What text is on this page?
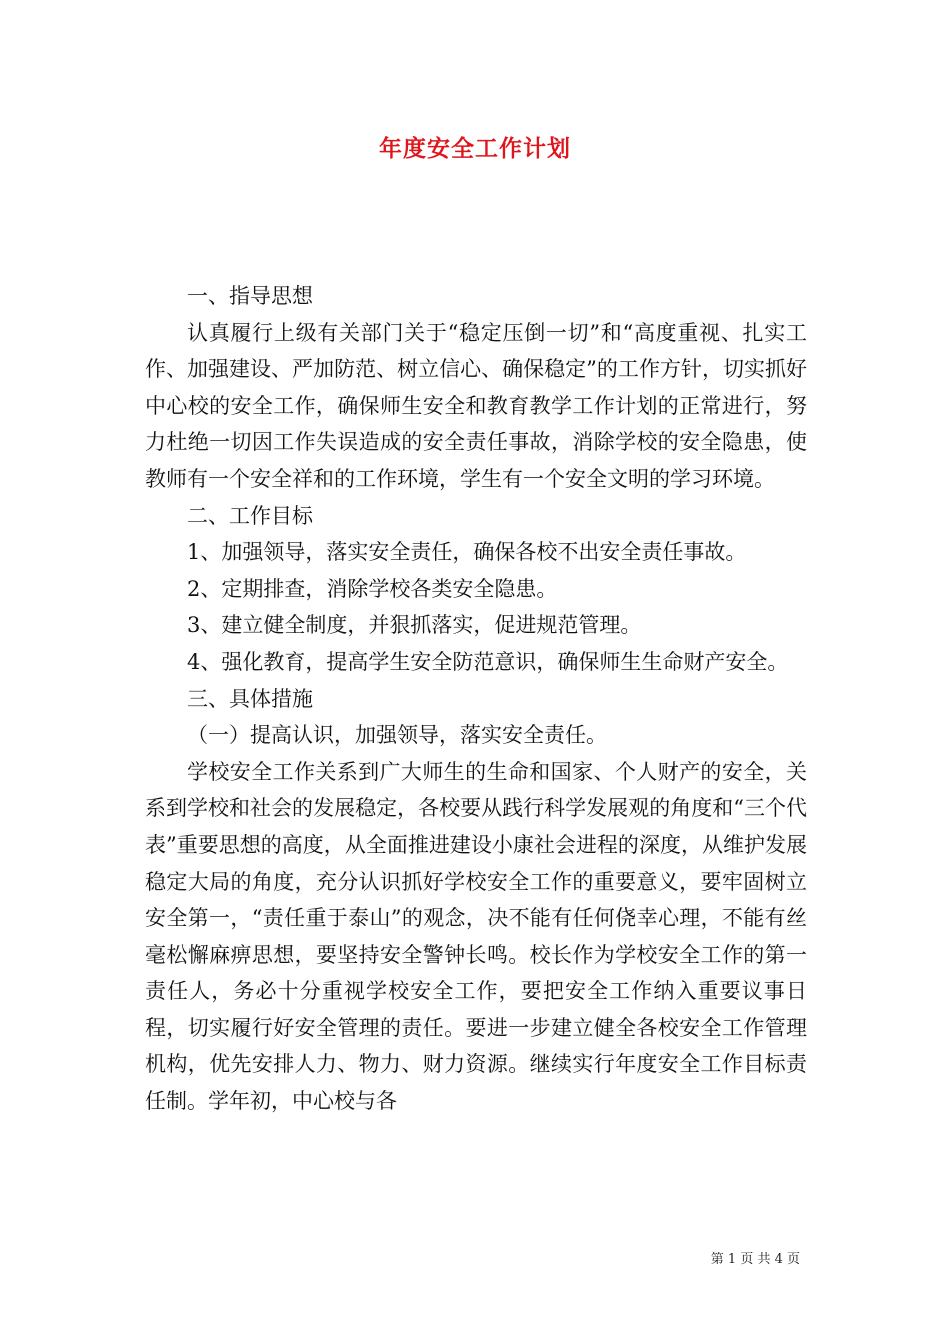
年度安全工作计划

一、指导思想

认真履行上级有关部门关于“稳定压倒一切”和“高度重视、扎实工作、加强建设、严加防范、树立信心、确保稳定”的工作方针，切实抓好中心校的安全工作，确保师生安全和教育教学工作计划的正常进行，努力杜绝一切因工作失误造成的安全责任事故，消除学校的安全隐患，使教师有一个安全祥和的工作环境，学生有一个安全文明的学习环境。

二、工作目标

1、加强领导，落实安全责任，确保各校不出安全责任事故。

2、定期排查，消除学校各类安全隐患。

3、建立健全制度，并狠抓落实，促进规范管理。

4、强化教育，提高学生安全防范意识，确保师生生命财产安全。

三、具体措施

（一）提高认识，加强领导，落实安全责任。

学校安全工作关系到广大师生的生命和国家、个人财产的安全，关系到学校和社会的发展稳定，各校要从践行科学发展观的角度和“三个代表”重要思想的高度，从全面推进建设小康社会进程的深度，从维护发展稳定大局的角度，充分认识抓好学校安全工作的重要意义，要牢固树立安全第一，“责任重于泰山”的观念，决不能有任何侥幸心理，不能有丝毫松懈麻痹思想，要坚持安全警钟长鸣。校长作为学校安全工作的第一责任人，务必十分重视学校安全工作，要把安全工作纳入重要议事日程，切实履行好安全管理的责任。要进一步建立健全各校安全工作管理机构，优先安排人力、物力、财力资源。继续实行年度安全工作目标责任制。学年初，中心校与各

第 1 页 共 4 页
